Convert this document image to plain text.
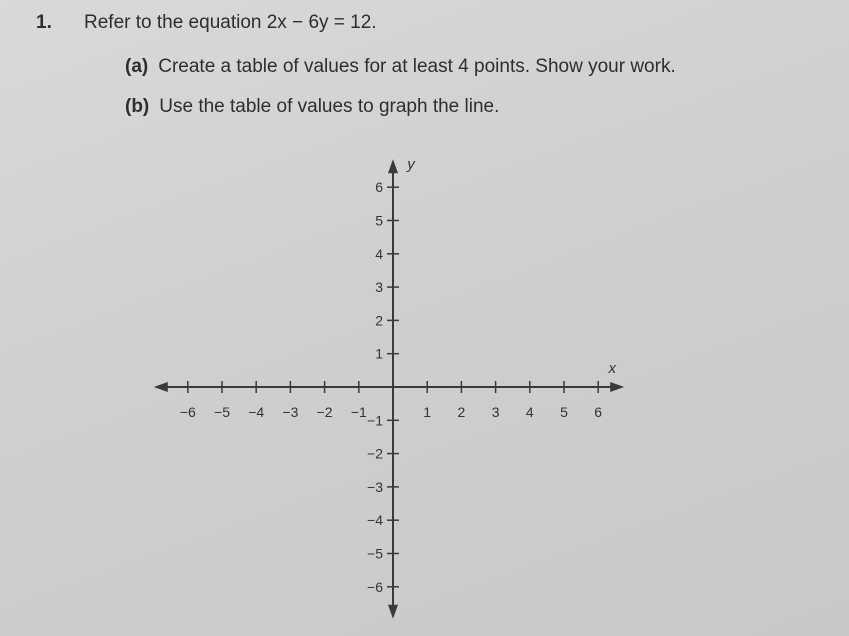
1. Refer to the equation 2x − 6y = 12.
(a) Create a table of values for at least 4 points. Show your work.
(b) Use the table of values to graph the line.
−6 −5 −4 −3 −2 −1	1 2 3 4 5 6
−6
−5
−4
−3
−2
−1
1
2
3
4
5
6
x
y
